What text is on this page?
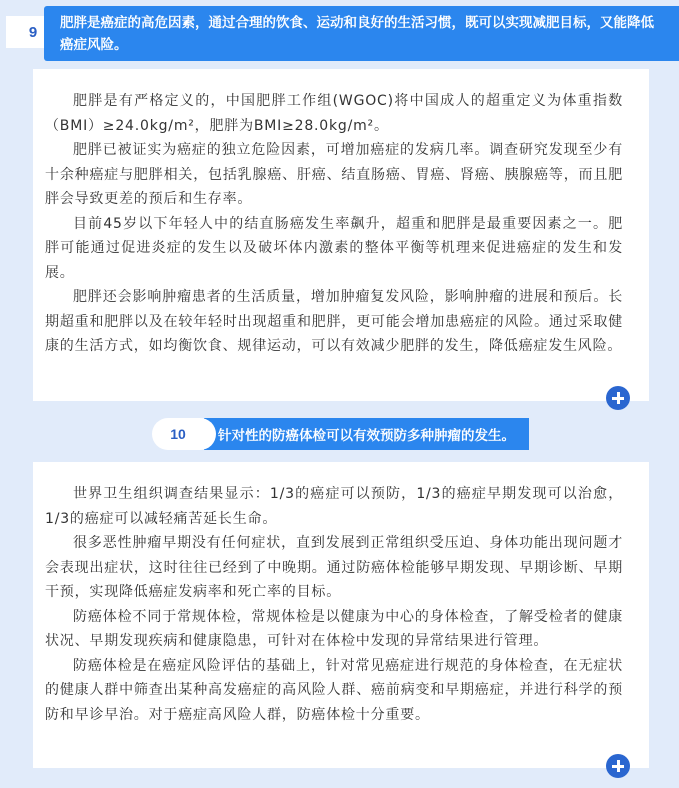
9
肥胖是癌症的高危因素，通过合理的饮食、运动和良好的生活习惯，既可以实现减肥目标，又能降低癌症风险。

肥胖是有严格定义的，中国肥胖工作组(WGOC)将中国成人的超重定义为体重指数（BMI）≥24.0kg/m²，肥胖为BMI≥28.0kg/m²。

肥胖已被证实为癌症的独立危险因素，可增加癌症的发病几率。调查研究发现至少有十余种癌症与肥胖相关，包括乳腺癌、肝癌、结直肠癌、胃癌、肾癌、胰腺癌等，而且肥胖会导致更差的预后和生存率。

目前45岁以下年轻人中的结直肠癌发生率飙升，超重和肥胖是最重要因素之一。肥胖可能通过促进炎症的发生以及破坏体内激素的整体平衡等机理来促进癌症的发生和发展。

肥胖还会影响肿瘤患者的生活质量，增加肿瘤复发风险，影响肿瘤的进展和预后。长期超重和肥胖以及在较年轻时出现超重和肥胖，更可能会增加患癌症的风险。通过采取健康的生活方式，如均衡饮食、规律运动，可以有效减少肥胖的发生，降低癌症发生风险。

针对性的防癌体检可以有效预防多种肿瘤的发生。
10

世界卫生组织调查结果显示：1/3的癌症可以预防，1/3的癌症早期发现可以治愈，1/3的癌症可以减轻痛苦延长生命。

很多恶性肿瘤早期没有任何症状，直到发展到正常组织受压迫、身体功能出现问题才会表现出症状，这时往往已经到了中晚期。通过防癌体检能够早期发现、早期诊断、早期干预，实现降低癌症发病率和死亡率的目标。

防癌体检不同于常规体检，常规体检是以健康为中心的身体检查，了解受检者的健康状况、早期发现疾病和健康隐患，可针对在体检中发现的异常结果进行管理。

防癌体检是在癌症风险评估的基础上，针对常见癌症进行规范的身体检查，在无症状的健康人群中筛查出某种高发癌症的高风险人群、癌前病变和早期癌症，并进行科学的预防和早诊早治。对于癌症高风险人群，防癌体检十分重要。
